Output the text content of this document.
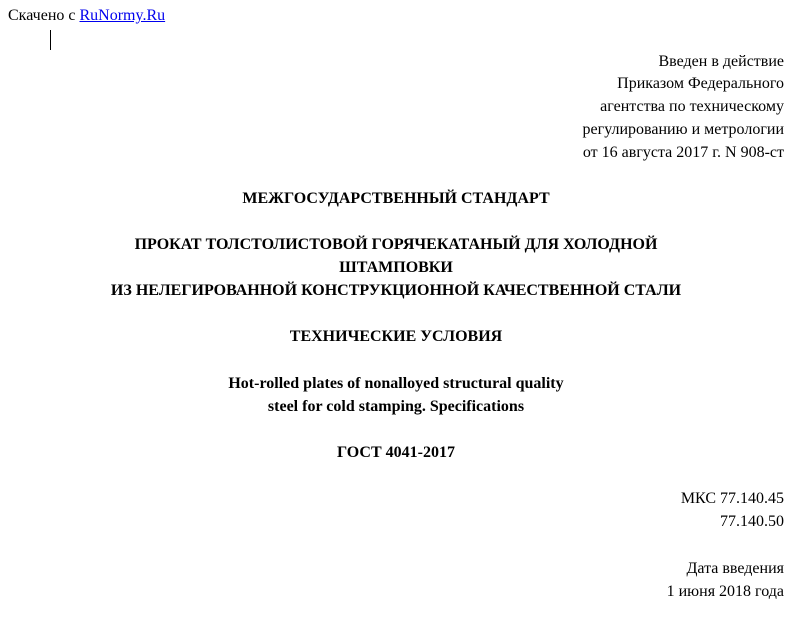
Скачено с RuNormy.Ru
Введен в действие
Приказом Федерального
агентства по техническому
регулированию и метрологии
от 16 августа 2017 г. N 908-ст
МЕЖГОСУДАРСТВЕННЫЙ СТАНДАРТ
ПРОКАТ ТОЛСТОЛИСТОВОЙ ГОРЯЧЕКАТАНЫЙ ДЛЯ ХОЛОДНОЙ
ШТАМПОВКИ
ИЗ НЕЛЕГИРОВАННОЙ КОНСТРУКЦИОННОЙ КАЧЕСТВЕННОЙ СТАЛИ
ТЕХНИЧЕСКИЕ УСЛОВИЯ
Hot-rolled plates of nonalloyed structural quality
steel for cold stamping. Specifications
ГОСТ 4041-2017
МКС 77.140.45
77.140.50
Дата введения
1 июня 2018 года
